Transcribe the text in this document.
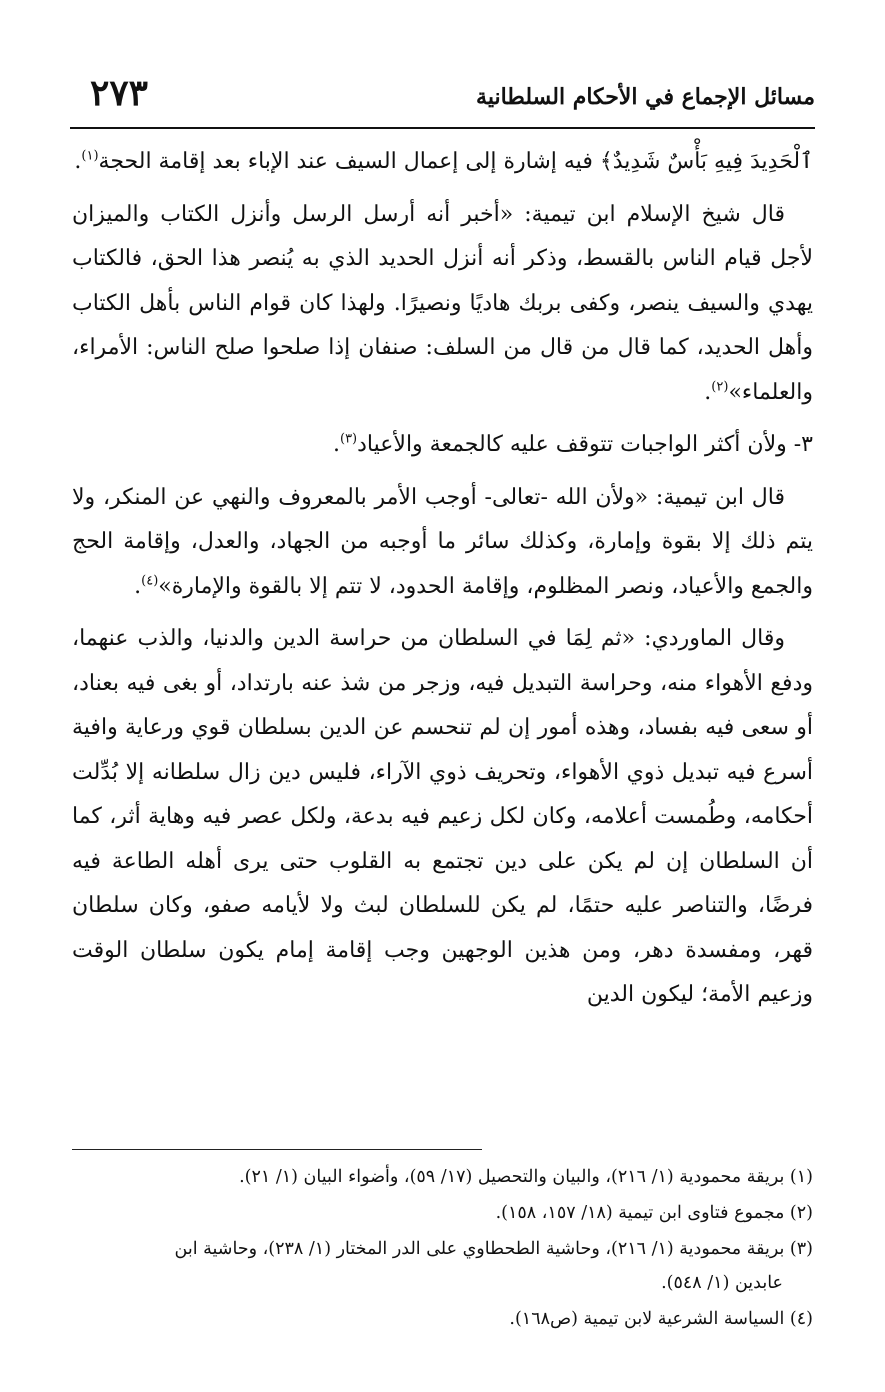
مسائل الإجماع في الأحكام السلطانية
٢٧٣

ٱلْحَدِيدَ فِيهِ بَأْسٌ شَدِيدٌ﴾ فيه إشارة إلى إعمال السيف عند الإباء بعد إقامة الحجة$^{(١)}$.

قال شيخ الإسلام ابن تيمية: «أخبر أنه أرسل الرسل وأنزل الكتاب والميزان لأجل قيام الناس بالقسط، وذكر أنه أنزل الحديد الذي به يُنصر هذا الحق، فالكتاب يهدي والسيف ينصر، وكفى بربك هاديًا ونصيرًا. ولهذا كان قوام الناس بأهل الكتاب وأهل الحديد، كما قال من قال من السلف: صنفان إذا صلحوا صلح الناس: الأمراء، والعلماء»$^{(٢)}$.

٣- ولأن أكثر الواجبات تتوقف عليه كالجمعة والأعياد$^{(٣)}$.

قال ابن تيمية: «ولأن الله -تعالى- أوجب الأمر بالمعروف والنهي عن المنكر، ولا يتم ذلك إلا بقوة وإمارة، وكذلك سائر ما أوجبه من الجهاد، والعدل، وإقامة الحج والجمع والأعياد، ونصر المظلوم، وإقامة الحدود، لا تتم إلا بالقوة والإمارة»$^{(٤)}$.

وقال الماوردي: «ثم لِمَا في السلطان من حراسة الدين والدنيا، والذب عنهما، ودفع الأهواء منه، وحراسة التبديل فيه، وزجر من شذ عنه بارتداد، أو بغى فيه بعناد، أو سعى فيه بفساد، وهذه أمور إن لم تنحسم عن الدين بسلطان قوي ورعاية وافية أسرع فيه تبديل ذوي الأهواء، وتحريف ذوي الآراء، فليس دين زال سلطانه إلا بُدِّلت أحكامه، وطُمست أعلامه، وكان لكل زعيم فيه بدعة، ولكل عصر فيه وهاية أثر، كما أن السلطان إن لم يكن على دين تجتمع به القلوب حتى يرى أهله الطاعة فيه فرضًا، والتناصر عليه حتمًا، لم يكن للسلطان لبث ولا لأيامه صفو، وكان سلطان قهر، ومفسدة دهر، ومن هذين الوجهين وجب إقامة إمام يكون سلطان الوقت وزعيم الأمة؛ ليكون الدين

(١) بريقة محمودية (١/ ٢١٦)، والبيان والتحصيل (١٧/ ٥٩)، وأضواء البيان (١/ ٢١).
(٢) مجموع فتاوى ابن تيمية (١٨/ ١٥٧، ١٥٨).
(٣) بريقة محمودية (١/ ٢١٦)، وحاشية الطحطاوي على الدر المختار (١/ ٢٣٨)، وحاشية ابن
عابدين (١/ ٥٤٨).
(٤) السياسة الشرعية لابن تيمية (ص١٦٨).
